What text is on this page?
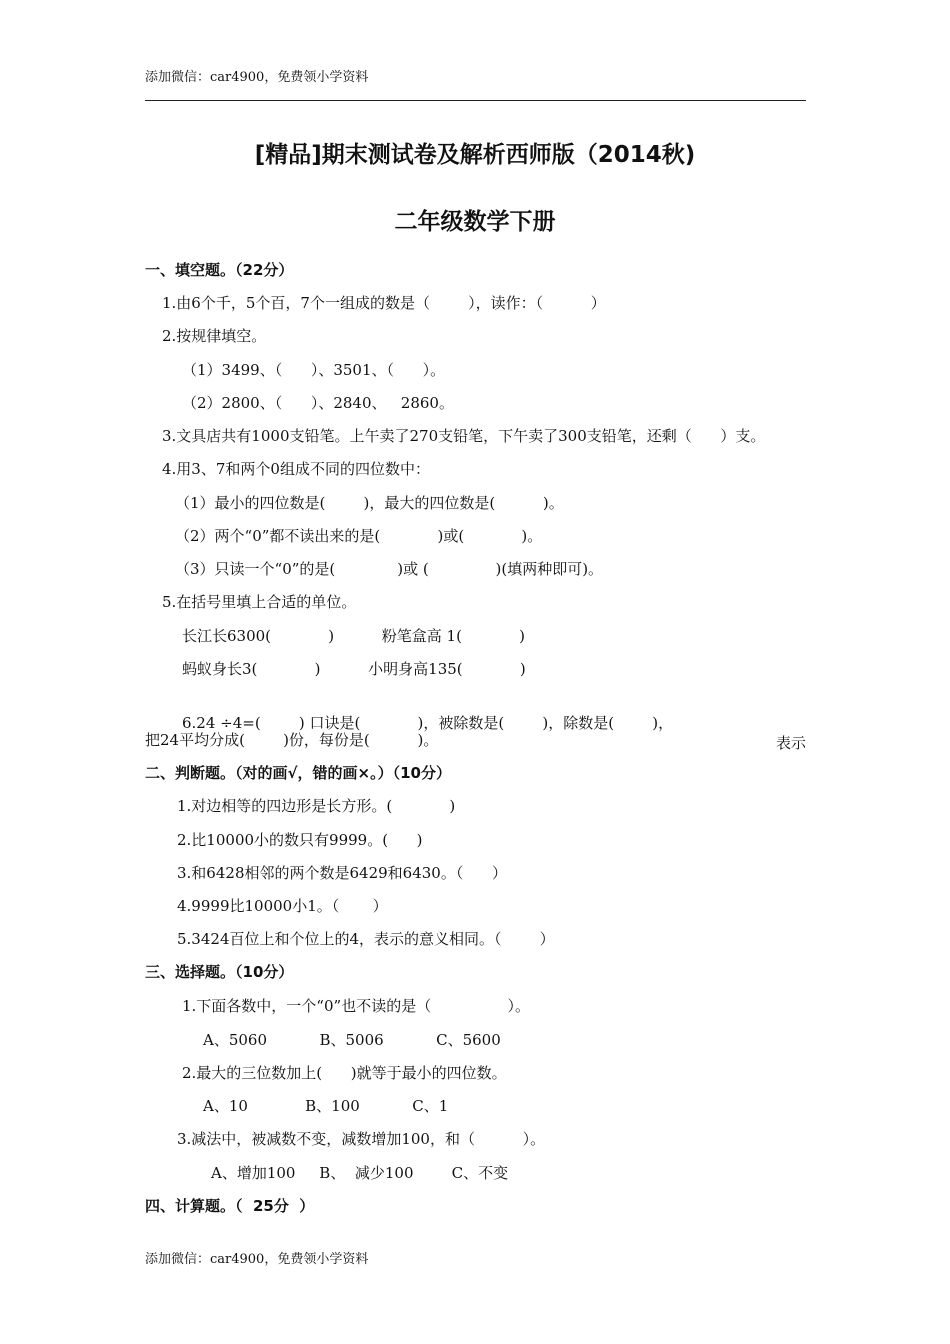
添加微信：car4900，免费领小学资料
[精品]期末测试卷及解析西师版（2014秋)
二年级数学下册
一、填空题。（22分）
1.由6个千，5个百，7个一组成的数是（        ），读作：（          ）
2.按规律填空。
（1）3499、（      ）、3501、（      ）。
（2）2800、（      ）、2840、   2860。
3.文具店共有1000支铅笔。上午卖了270支铅笔，下午卖了300支铅笔，还剩（      ）支。
4.用3、7和两个0组成不同的四位数中：
（1）最小的四位数是(        )，最大的四位数是(          )。
（2）两个“0”都不读出来的是(            )或(            )。
（3）只读一个“0”的是(             )或 (              )(填两种即可)。
5.在括号里填上合适的单位。
长江长6300(            )          粉笔盒高 1(            )
蚂蚁身长3(            )          小明身高135(            )

6.24 ÷4=(        ) 口诀是(            )，被除数是(        )，除数是(        )，

表示

把24平均分成(        )份，每份是(          )。
二、判断题。（对的画√，错的画×。）（10分）
1.对边相等的四边形是长方形。(            )
2.比10000小的数只有9999。(      )
3.和6428相邻的两个数是6429和6430。（      ）
4.9999比10000小1。（       ）
5.3424百位上和个位上的4，表示的意义相同。（        ）
三、选择题。（10分）
1.下面各数中，一个“0”也不读的是（                ）。
A、5060           B、5006           C、5600
2.最大的三位数加上(      )就等于最小的四位数。
A、10            B、100           C、1
3.减法中，被减数不变，减数增加100，和（          ）。
A、增加100     B、  减少100        C、不变
四、计算题。（  25分  ）
添加微信：car4900，免费领小学资料
